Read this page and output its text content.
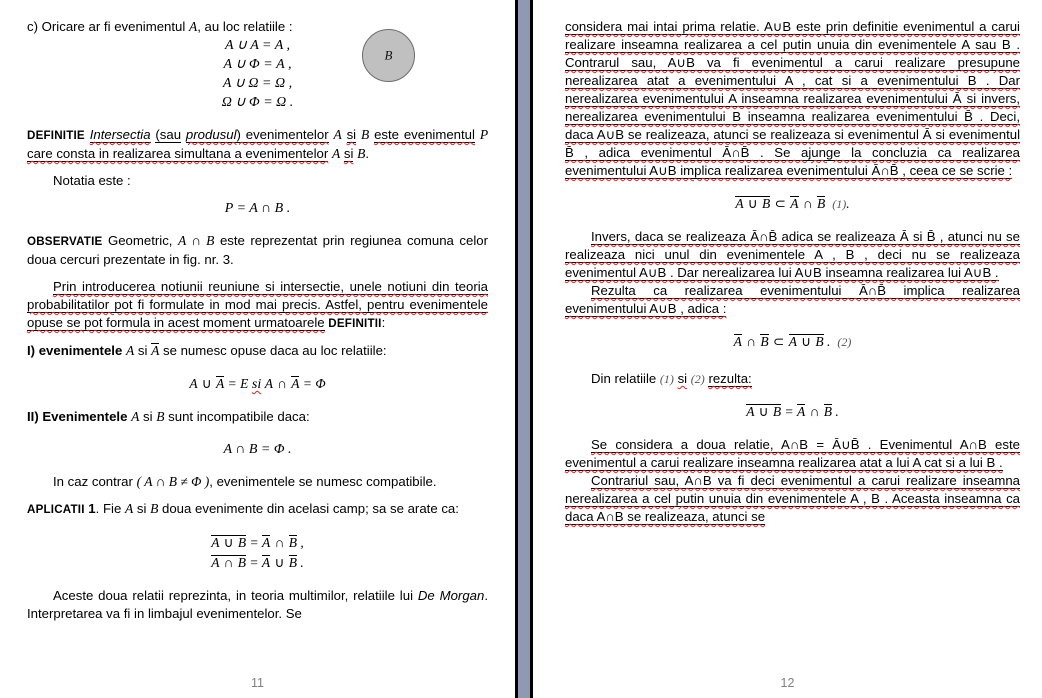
B

c) Oricare ar fi evenimentul A, au loc relatiile :

A ∪ A = A ,
A ∪ Φ = A ,
A ∪ Ω = Ω ,
Ω ∪ Φ = Ω .

DEFINITIE Intersectia (sau produsul) evenimentelor A si B este evenimentul P care consta in realizarea simultana a evenimentelor A si B.

Notatia este :

P = A ∩ B .

OBSERVATIE Geometric, A ∩ B este reprezentat prin regiunea comuna celor doua cercuri prezentate in fig. nr. 3.

Prin introducerea notiunii reuniune si intersectie, unele notiuni din teoria probabilitatilor pot fi formulate in mod mai precis. Astfel, pentru evenimentele opuse se pot formula in acest moment urmatoarele DEFINITII:

I) evenimentele A si A se numesc opuse daca au loc relatiile:

A ∪ A = E si A ∩ A = Φ

II) Evenimentele A si B sunt incompatibile daca:

A ∩ B = Φ .

In caz contrar ( A ∩ B ≠ Φ ), evenimentele se numesc compatibile.

APLICATII 1. Fie A si B doua evenimente din acelasi camp; sa se arate ca:

A ∪ B = A ∩ B ,
A ∩ B = A ∪ B .

Aceste doua relatii reprezinta, in teoria multimilor, relatiile lui De Morgan. Interpretarea va fi in limbajul evenimentelor. Se

11

considera mai intai prima relatie. A∪B este prin definitie evenimentul a carui realizare inseamna realizarea a cel putin unuia din evenimentele A sau B . Contrarul sau, A∪B va fi evenimentul a carui realizare presupune nerealizarea atat a evenimentului A , cat si a evenimentului B . Dar nerealizarea evenimentului A inseamna realizarea evenimentului Ā si invers, nerealizarea evenimentului B inseamna realizarea evenimentului B̄ . Deci, daca A∪B se realizeaza, atunci se realizeaza si evenimentul Ā si evenimentul B̄ , adica evenimentul Ā∩B̄ . Se ajunge la concluzia ca realizarea evenimentului A∪B implica realizarea evenimentului Ā∩B̄ , ceea ce se scrie :

A ∪ B ⊂ A ∩ B (1).

Invers, daca se realizeaza Ā∩B̄ adica se realizeaza Ā si B̄ , atunci nu se realizeaza nici unul din evenimentele A , B , deci nu se realizeaza evenimentul A∪B . Dar nerealizarea lui A∪B inseamna realizarea lui A∪B .

Rezulta ca realizarea evenimentului Ā∩B̄ implica realizarea evenimentului A∪B , adica :

A ∩ B ⊂ A ∪ B . (2)

Din relatiile (1) si (2) rezulta:

A ∪ B = A ∩ B .

Se considera a doua relatie, A∩B = Ā∪B̄ . Evenimentul A∩B este evenimentul a carui realizare inseamna realizarea atat a lui A cat si a lui B .

Contrariul sau, A∩B va fi deci evenimentul a carui realizare inseamna nerealizarea a cel putin unuia din evenimentele A , B . Aceasta inseamna ca daca A∩B se realizeaza, atunci se

12
